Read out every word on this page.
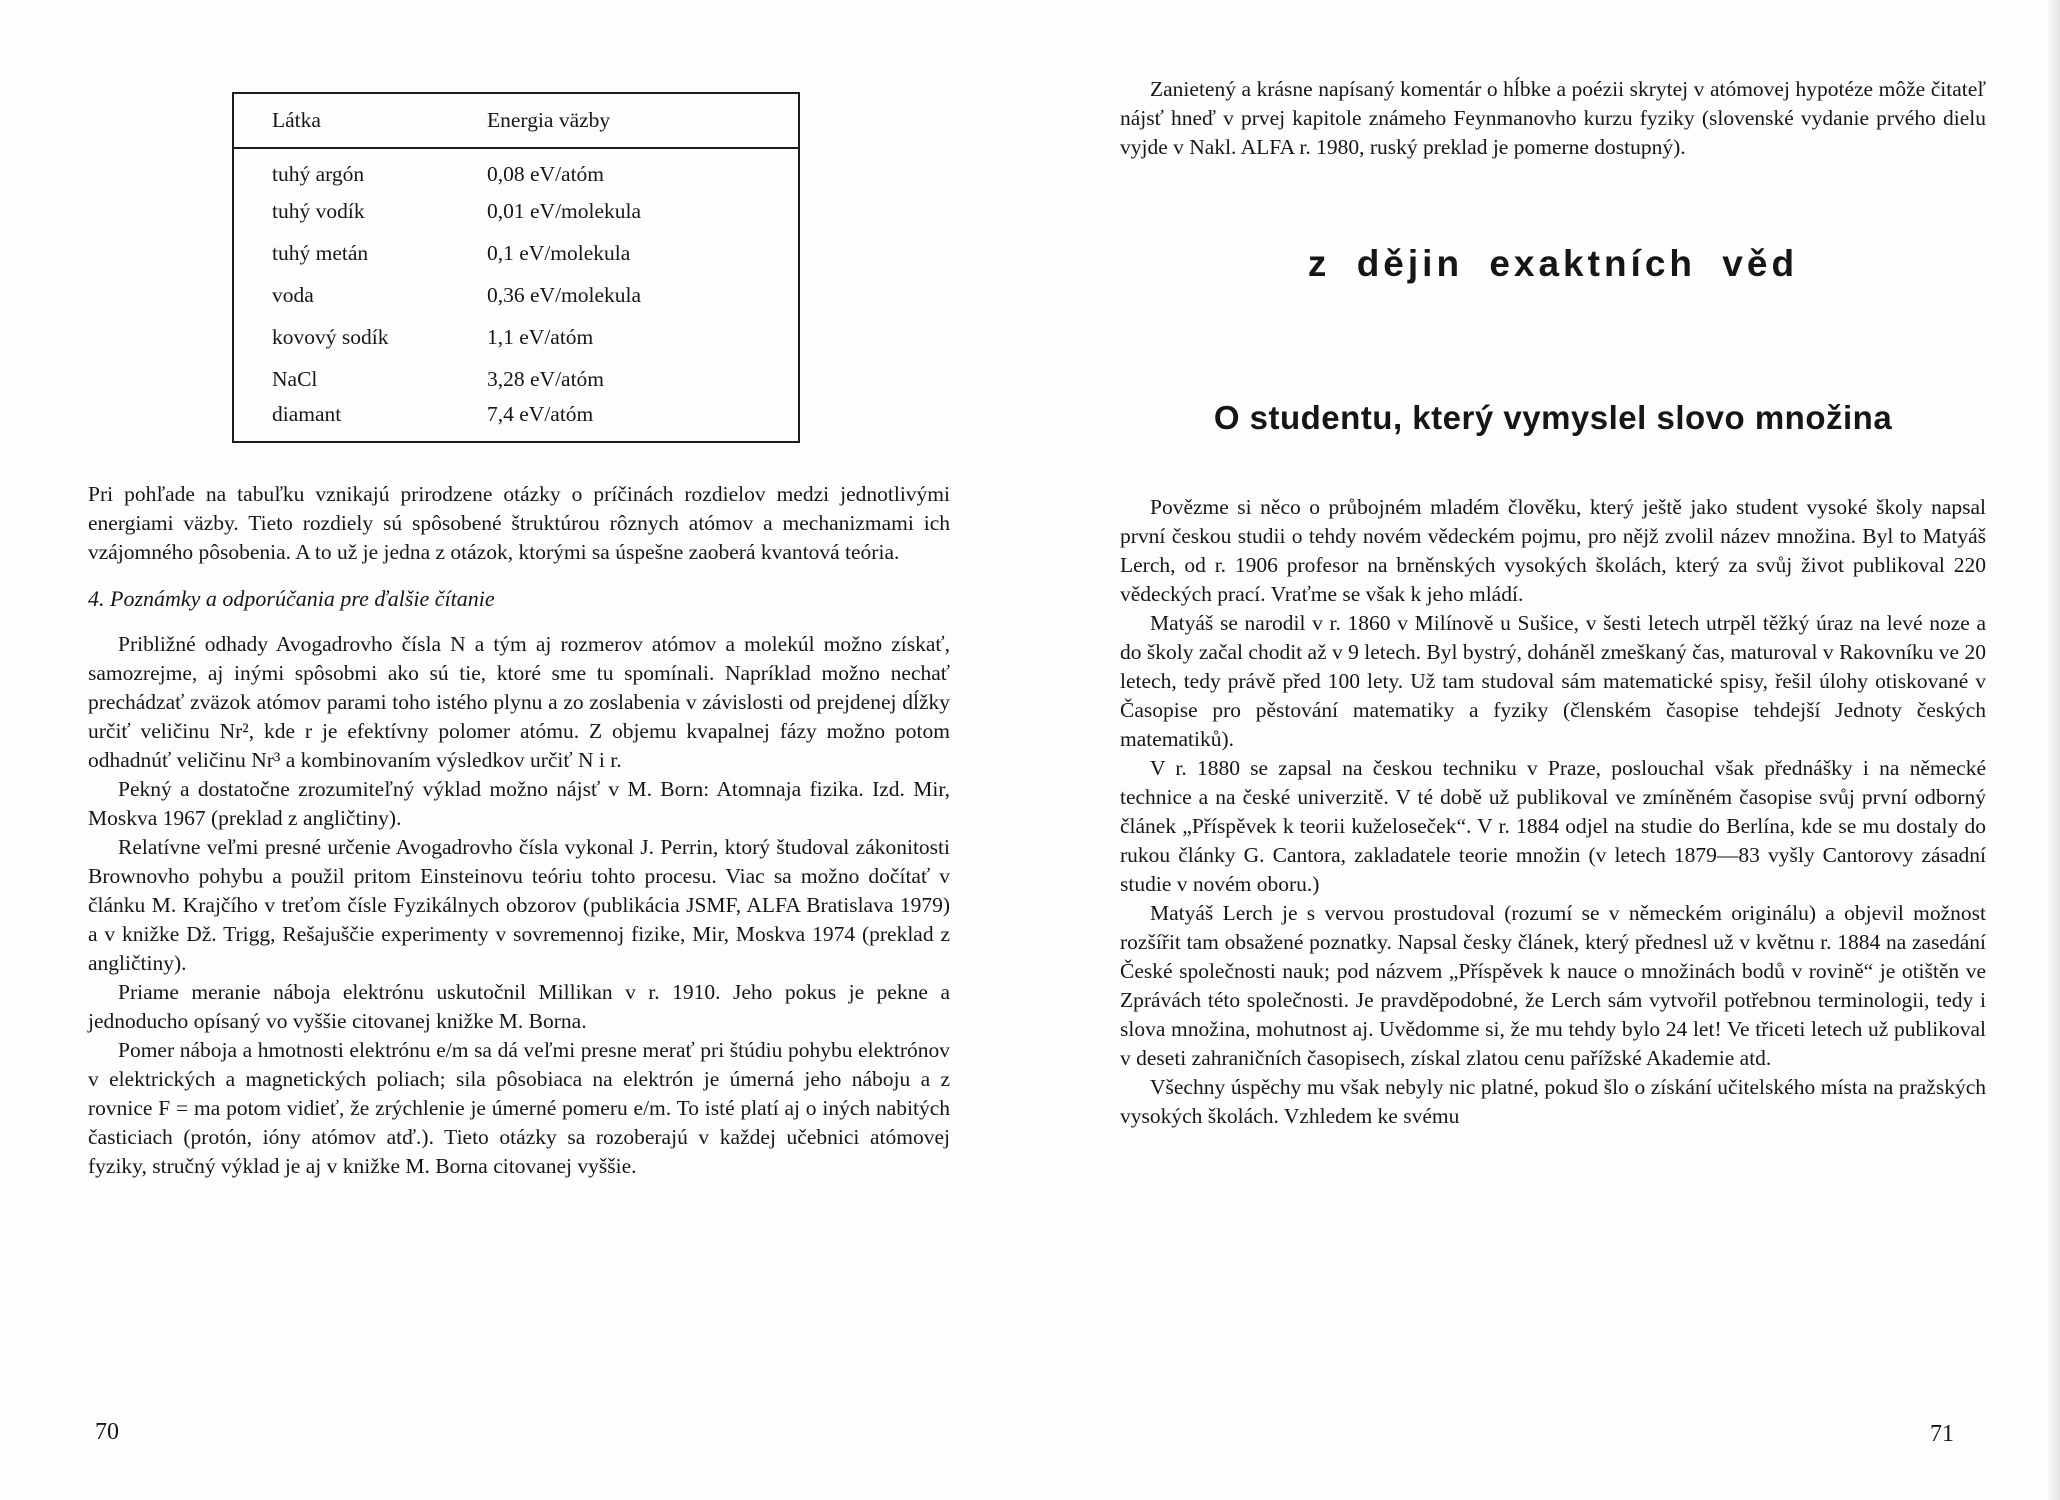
Látka	Energia väzby
tuhý argón	0,08 eV/atóm
tuhý vodík	0,01 eV/molekula
tuhý metán	0,1 eV/molekula
voda	0,36 eV/molekula
kovový sodík	1,1 eV/atóm
NaCl	3,28 eV/atóm
diamant	7,4 eV/atóm

Pri pohľade na tabuľku vznikajú prirodzene otázky o príčinách rozdielov medzi jednotlivými energiami väzby. Tieto rozdiely sú spôsobené štruktúrou rôznych atómov a mechanizmami ich vzájomného pôsobenia. A to už je jedna z otázok, ktorými sa úspešne zaoberá kvantová teória.

4. Poznámky a odporúčania pre ďalšie čítanie

Približné odhady Avogadrovho čísla N a tým aj rozmerov atómov a molekúl možno získať, samozrejme, aj inými spôsobmi ako sú tie, ktoré sme tu spomínali. Napríklad možno nechať prechádzať zväzok atómov parami toho istého plynu a zo zoslabenia v závislosti od prejdenej dĺžky určiť veličinu Nr², kde r je efektívny polomer atómu. Z objemu kvapalnej fázy možno potom odhadnúť veličinu Nr³ a kombinovaním výsledkov určiť N i r.

Pekný a dostatočne zrozumiteľný výklad možno nájsť v M. Born: Atomnaja fizika. Izd. Mir, Moskva 1967 (preklad z angličtiny).

Relatívne veľmi presné určenie Avogadrovho čísla vykonal J. Perrin, ktorý študoval zákonitosti Brownovho pohybu a použil pritom Einsteinovu teóriu tohto procesu. Viac sa možno dočítať v článku M. Krajčího v treťom čísle Fyzikálnych obzorov (publikácia JSMF, ALFA Bratislava 1979) a v knižke Dž. Trigg, Rešajuščie experimenty v sovremennoj fizike, Mir, Moskva 1974 (preklad z angličtiny).

Priame meranie náboja elektrónu uskutočnil Millikan v r. 1910. Jeho pokus je pekne a jednoducho opísaný vo vyššie citovanej knižke M. Borna.

Pomer náboja a hmotnosti elektrónu e/m sa dá veľmi presne merať pri štúdiu pohybu elektrónov v elektrických a magnetických poliach; sila pôsobiaca na elektrón je úmerná jeho náboju a z rovnice F = ma potom vidieť, že zrýchlenie je úmerné pomeru e/m. To isté platí aj o iných nabitých časticiach (protón, ióny atómov atď.). Tieto otázky sa rozoberajú v každej učebnici atómovej fyziky, stručný výklad je aj v knižke M. Borna citovanej vyššie.

Zanietený a krásne napísaný komentár o hĺbke a poézii skrytej v atómovej hypotéze môže čitateľ nájsť hneď v prvej kapitole známeho Feynmanovho kurzu fyziky (slovenské vydanie prvého dielu vyjde v Nakl. ALFA r. 1980, ruský preklad je pomerne dostupný).

z dějin exaktních věd
O studentu, který vymyslel slovo množina

Povězme si něco o průbojném mladém člověku, který ještě jako student vysoké školy napsal první českou studii o tehdy novém vědeckém pojmu, pro nějž zvolil název množina. Byl to Matyáš Lerch, od r. 1906 profesor na brněnských vysokých školách, který za svůj život publikoval 220 vědeckých prací. Vraťme se však k jeho mládí.

Matyáš se narodil v r. 1860 v Milínově u Sušice, v šesti letech utrpěl těžký úraz na levé noze a do školy začal chodit až v 9 letech. Byl bystrý, doháněl zmeškaný čas, maturoval v Rakovníku ve 20 letech, tedy právě před 100 lety. Už tam studoval sám matematické spisy, řešil úlohy otiskované v Časopise pro pěstování matematiky a fyziky (členském časopise tehdejší Jednoty českých matematiků).

V r. 1880 se zapsal na českou techniku v Praze, poslouchal však přednášky i na německé technice a na české univerzitě. V té době už publikoval ve zmíněném časopise svůj první odborný článek „Příspěvek k teorii kuželoseček“. V r. 1884 odjel na studie do Berlína, kde se mu dostaly do rukou články G. Cantora, zakladatele teorie množin (v letech 1879—83 vyšly Cantorovy zásadní studie v novém oboru.)

Matyáš Lerch je s vervou prostudoval (rozumí se v německém originálu) a objevil možnost rozšířit tam obsažené poznatky. Napsal česky článek, který přednesl už v květnu r. 1884 na zasedání České společnosti nauk; pod názvem „Příspěvek k nauce o množinách bodů v rovině“ je otištěn ve Zprávách této společnosti. Je pravděpodobné, že Lerch sám vytvořil potřebnou terminologii, tedy i slova množina, mohutnost aj. Uvědomme si, že mu tehdy bylo 24 let! Ve třiceti letech už publikoval v deseti zahraničních časopisech, získal zlatou cenu pařížské Akademie atd.

Všechny úspěchy mu však nebyly nic platné, pokud šlo o získání učitelského místa na pražských vysokých školách. Vzhledem ke svému

70	71
